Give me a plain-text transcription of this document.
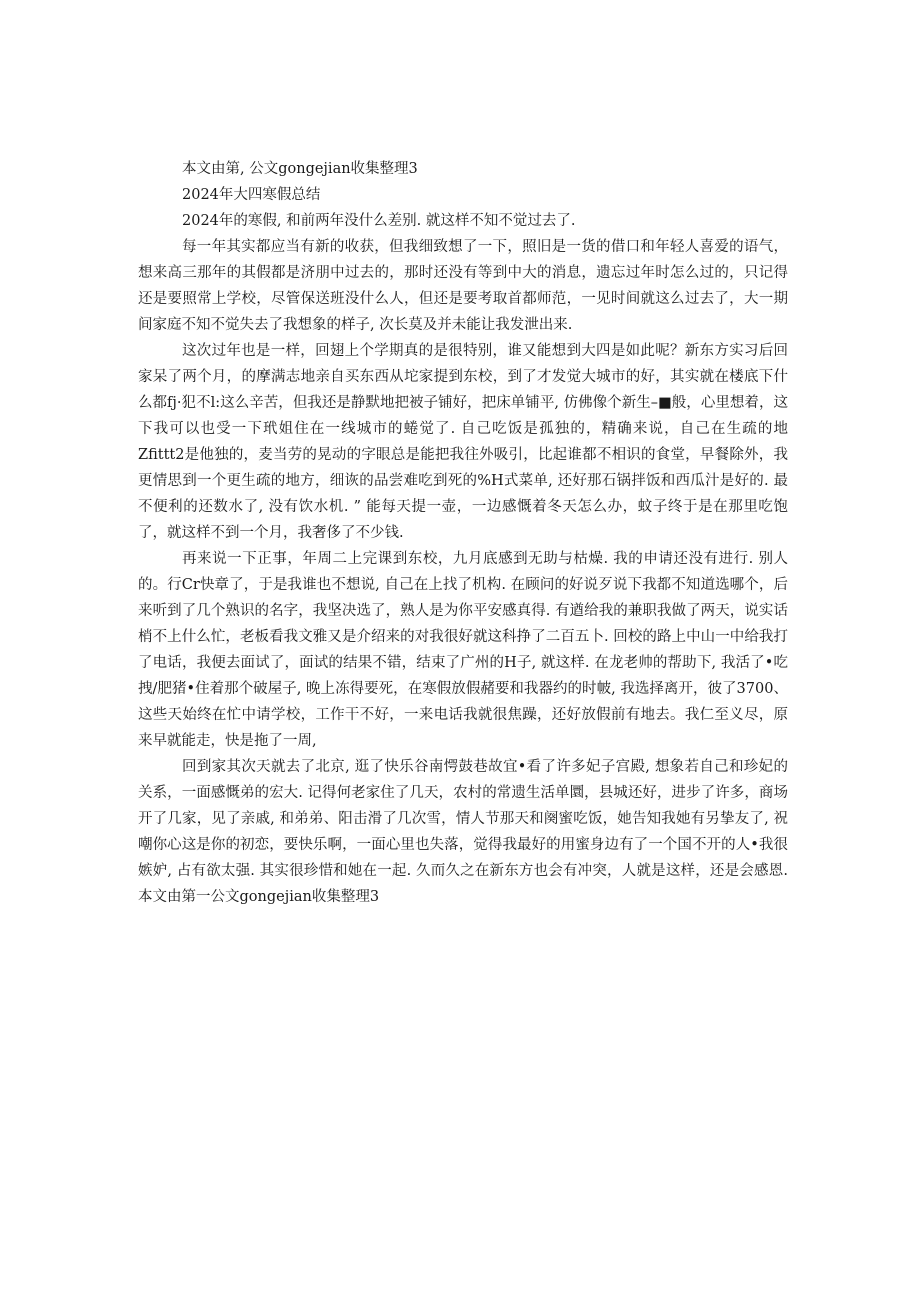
本文由第, 公文gongejian收集整理3

2024年大四寒假总结

2024年的寒假, 和前两年没什么差别. 就这样不知不觉过去了.

每一年其实都应当有新的收获，但我细致想了一下，照旧是一货的借口和年轻人喜爱的语气，想来高三那年的其假都是济朋中过去的，那时还没有等到中大的消息，遗忘过年时怎么过的，只记得还是要照常上学校，尽管保送班没什么人，但还是要考取首都师范，一见时间就这么过去了，大一期间家庭不知不觉失去了我想象的样子, 次长莫及并未能让我发泄出来.

这次过年也是一样，回翅上个学期真的是很特别，谁又能想到大四是如此呢？新东方实习后回家呆了两个月，的摩满志地亲自买东西从坨家提到东校，到了才发觉大城市的好，其实就在楼底下什么都fj·犯不l:这么辛苦，但我还是静默地把被子铺好，把床单铺平, 仿佛像个新生–■般，心里想着，这下我可以也受一下玳姐住在一线城市的蜷觉了. 自己吃饭是孤独的，精确来说，自己在生疏的地Zfittt2是他独的，麦当劳的晃动的字眼总是能把我往外吸引，比起谁都不相识的食堂，早餐除外，我更情思到一个更生疏的地方，细诙的品尝难吃到死的%H式菜单, 还好那石锅拌饭和西瓜汁是好的. 最不便利的还数水了, 没有饮水机. ” 能每天提一壶，一边感慨着冬天怎么办，蚊子终于是在那里吃饱了，就这样不到一个月，我奢侈了不少钱.

再来说一下正事，年周二上完课到东校，九月底感到无助与枯燥. 我的申请还没有进行. 别人的。行Cr快章了，于是我谁也不想说, 自己在上找了机构. 在顾问的好说歹说下我都不知道选哪个，后来听到了几个熟识的名字，我坚决选了，熟人是为你平安感真得. 有遒给我的兼职我做了两天，说实话梢不上什么忙，老板看我文雅又是介绍来的对我很好就这科挣了二百五卜. 回校的路上中山一中给我打了电话，我便去面试了，面试的结果不错，结束了广州的H子, 就这样. 在龙老帅的帮助下, 我活了•吃拽/肥猪•住着那个破屋子, 晚上冻得要死，在寒假放假赭要和我器约的时帔, 我选择离开，彼了3700、这些天始终在忙中请学校，工作干不好，一来电话我就很焦躁，还好放假前有地去。我仁至义尽，原来早就能走，快是拖了一周,

回到家其次天就去了北京, 逛了快乐谷南愕鼓巷故宜•看了许多妃子宫殿, 想象若自己和珍妃的关系，一面感慨弟的宏大. 记得何老家住了几天，农村的常遗生活单圜，县城还好，进步了许多，商场开了几家，见了亲戚, 和弟弟、阳击滑了几次雪，情人节那天和阕蜜吃饭，她告知我她有另挚友了, 祝嘲你心这是你的初恋，要快乐啊，一面心里也失落，觉得我最好的用蜜身边有了一个国不开的人•我很嫉妒, 占有欲太强. 其实很珍惜和她在一起. 久而久之在新东方也会有冲突，人就是这样，还是会感恩. 本文由第一公文gongejian收集整理3
